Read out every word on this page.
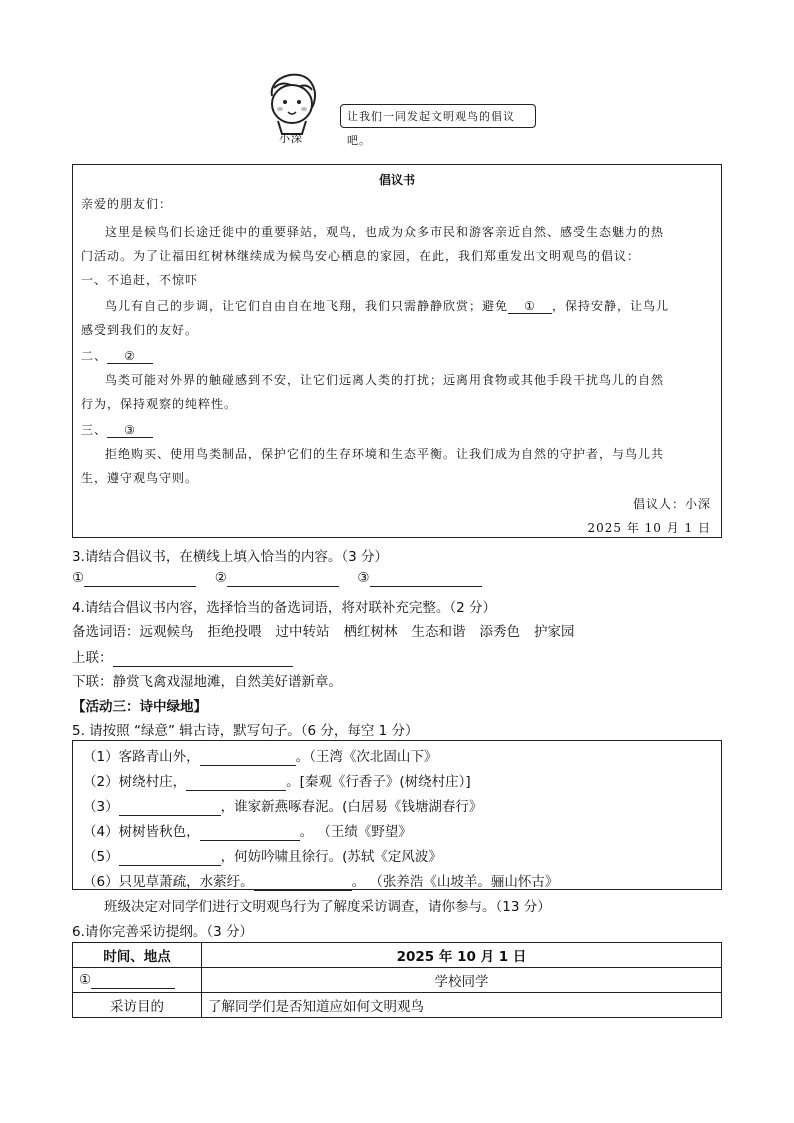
小深
让我们一同发起文明观鸟的倡议吧。
倡议书
亲爱的朋友们：
这里是候鸟们长途迁徙中的重要驿站，观鸟，也成为众多市民和游客亲近自然、感受生态魅力的热
门活动。为了让福田红树林继续成为候鸟安心栖息的家园，在此，我们郑重发出文明观鸟的倡议：
一、不追赶，不惊吓
鸟儿有自己的步调，让它们自由自在地飞翔，我们只需静静欣赏；避免 ① ，保持安静，让鸟儿
感受到我们的友好。
二、 ②
鸟类可能对外界的触碰感到不安，让它们远离人类的打扰；远离用食物或其他手段干扰鸟儿的自然
行为，保持观察的纯粹性。
三、 ③
拒绝购买、使用鸟类制品，保护它们的生存环境和生态平衡。让我们成为自然的守护者，与鸟儿共
生，遵守观鸟守则。
倡议人：小深
2025 年 10 月 1 日
3.请结合倡议书，在横线上填入恰当的内容。（3 分）
①	②	③
4.请结合倡议书内容，选择恰当的备选词语，将对联补充完整。（2 分）
备选词语：远观候鸟 拒绝投喂 过中转站 栖红树林 生态和谐 添秀色 护家园
上联：
下联：静赏飞禽戏湿地滩，自然美好谱新章。
【活动三：诗中绿地】
5. 请按照 “绿意” 辑古诗，默写句子。（6 分，每空 1 分）
（1）客路青山外，	。（王湾《次北固山下》
（2）树绕村庄，	。[秦观《行香子》(树绕村庄）]
（3）	，谁家新燕啄春泥。(白居易《钱塘湖春行》
（4）树树皆秋色，	。 （王绩《野望》
（5）	，何妨吟啸且徐行。(苏轼《定风波》
（6）只见草萧疏，水萦纡。	。 （张养浩《山坡羊。骊山怀古》
班级决定对同学们进行文明观鸟行为了解度采访调查，请你参与。（13 分）
6.请你完善采访提纲。（3 分）
时间、地点	2025 年 10 月 1 日
①	学校同学
采访目的	了解同学们是否知道应如何文明观鸟
